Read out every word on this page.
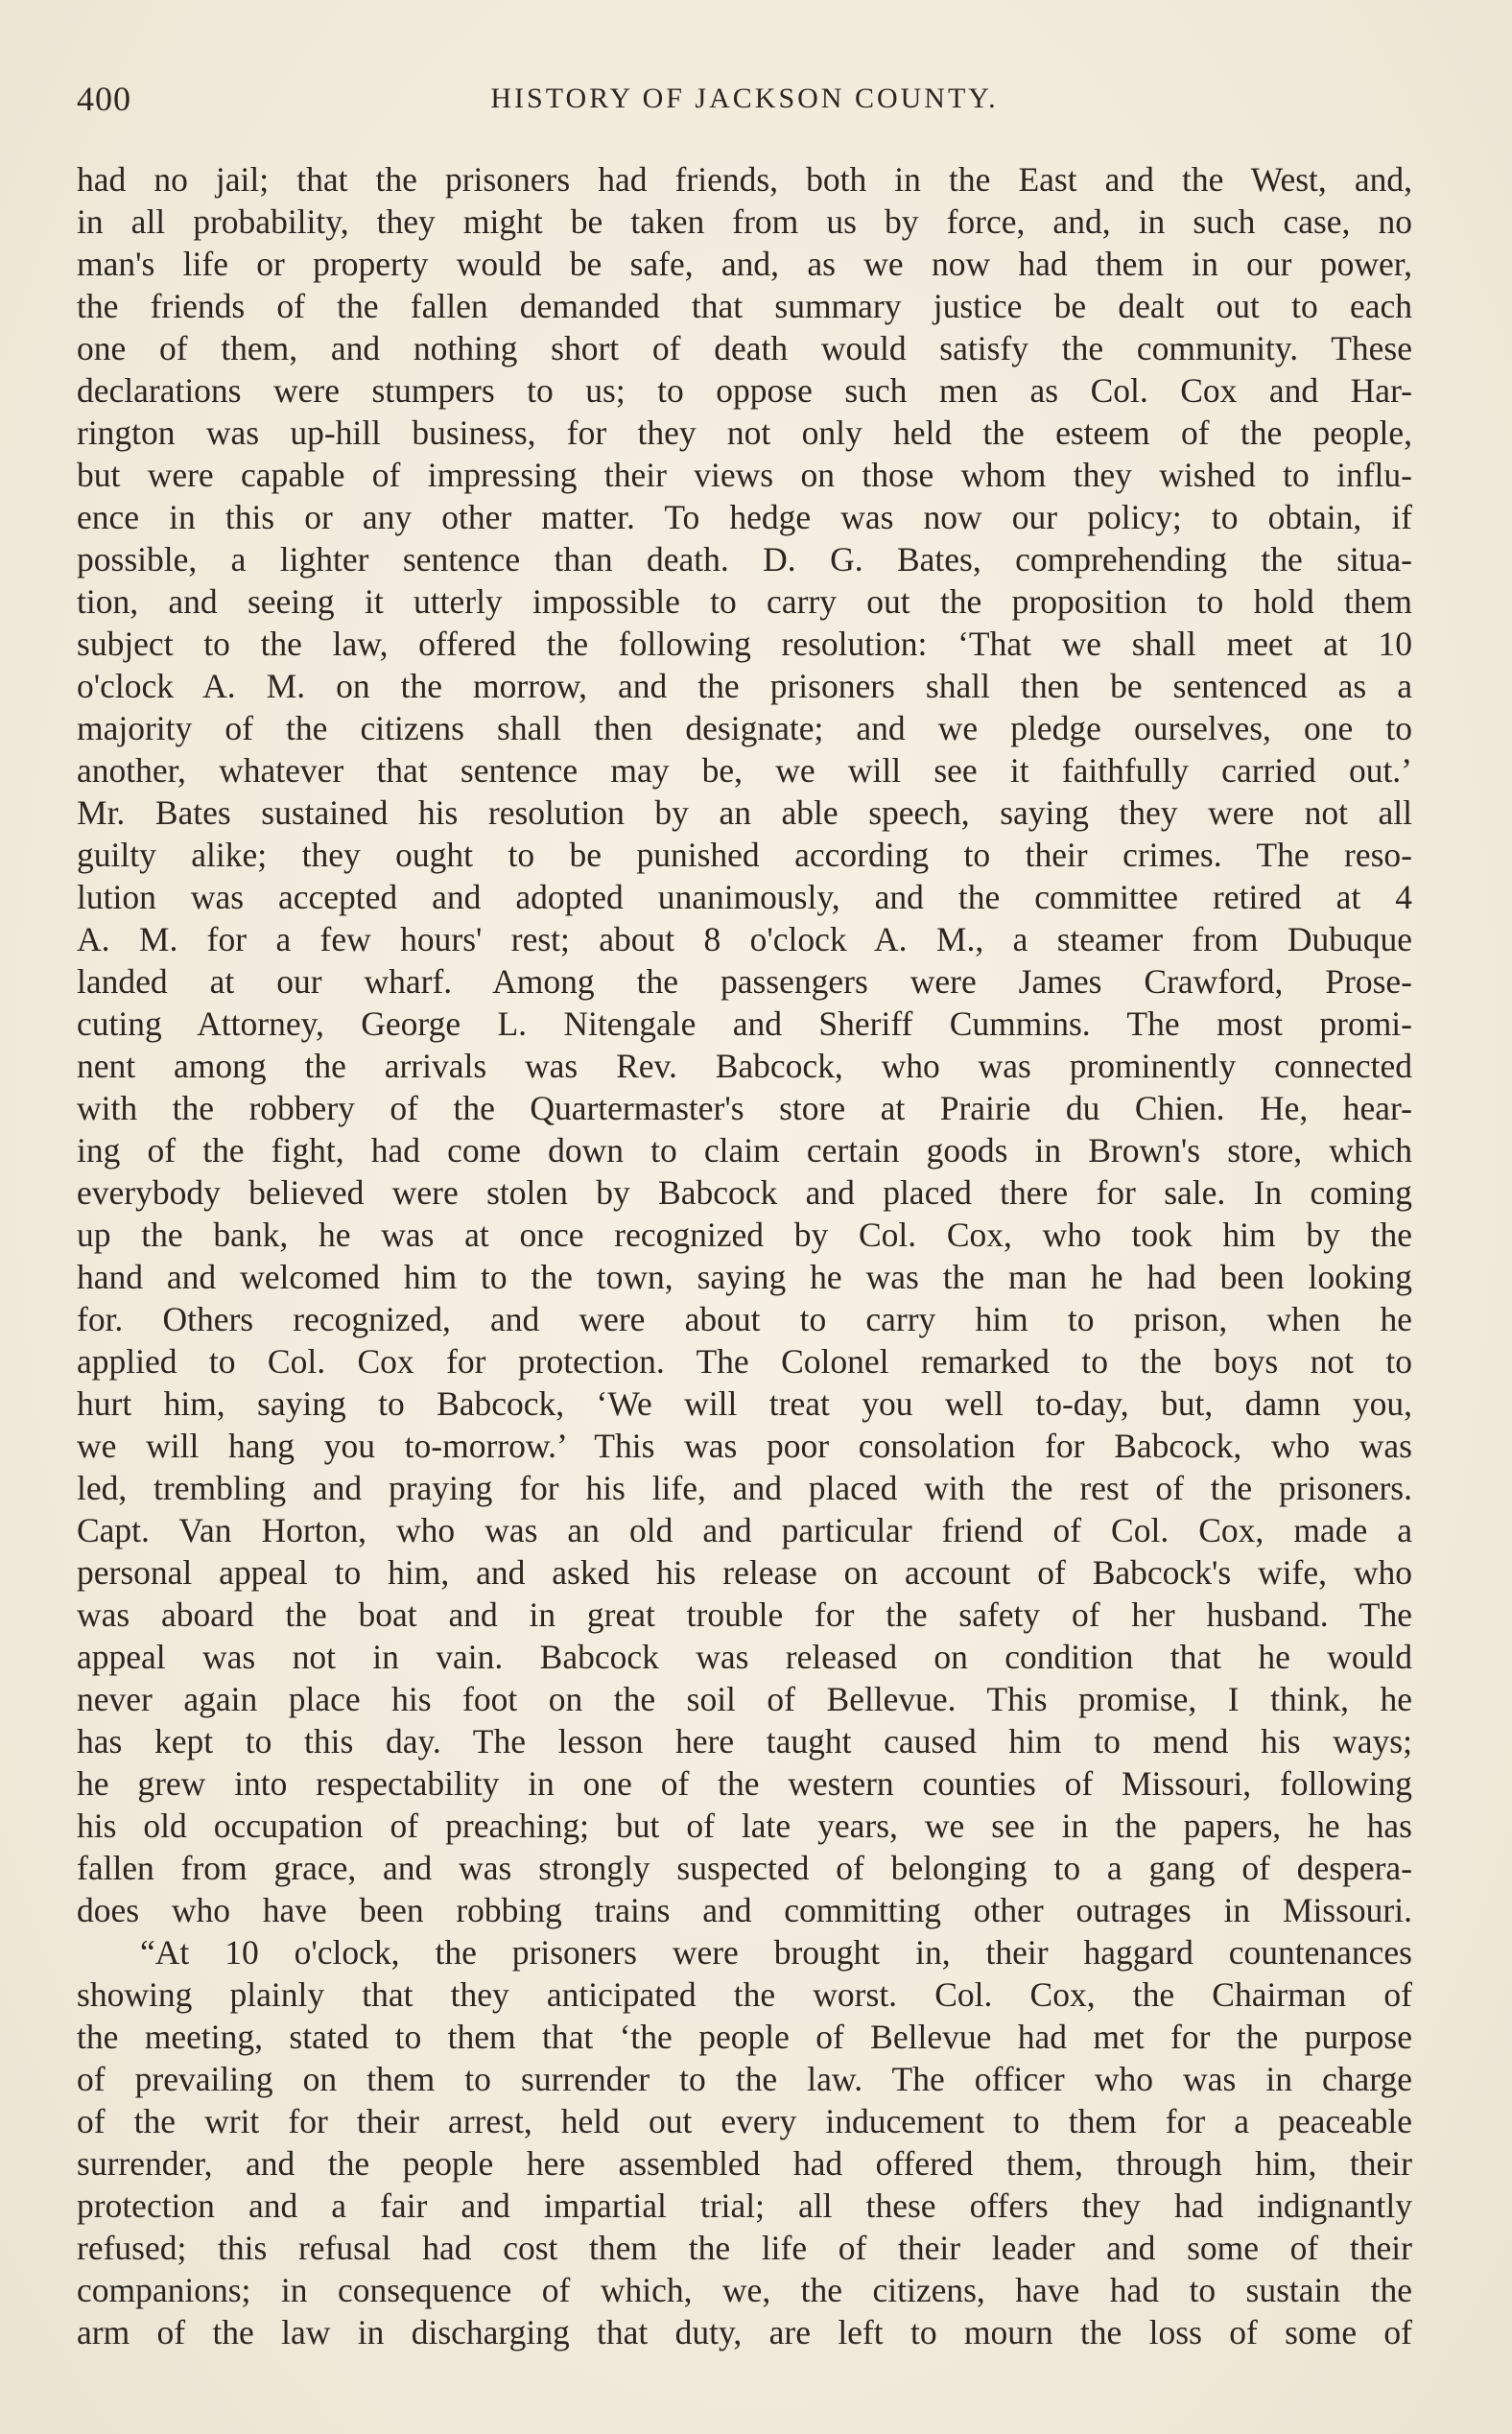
400	HISTORY OF JACKSON COUNTY.
had no jail; that the prisoners had friends, both in the East and the West, and,
in all probability, they might be taken from us by force, and, in such case, no
man's life or property would be safe, and, as we now had them in our power,
the friends of the fallen demanded that summary justice be dealt out to each
one of them, and nothing short of death would satisfy the community. These
declarations were stumpers to us; to oppose such men as Col. Cox and Har-
rington was up-hill business, for they not only held the esteem of the people,
but were capable of impressing their views on those whom they wished to influ-
ence in this or any other matter. To hedge was now our policy; to obtain, if
possible, a lighter sentence than death. D. G. Bates, comprehending the situa-
tion, and seeing it utterly impossible to carry out the proposition to hold them
subject to the law, offered the following resolution: ‘That we shall meet at 10
o'clock A. M. on the morrow, and the prisoners shall then be sentenced as a
majority of the citizens shall then designate; and we pledge ourselves, one to
another, whatever that sentence may be, we will see it faithfully carried out.’
Mr. Bates sustained his resolution by an able speech, saying they were not all
guilty alike; they ought to be punished according to their crimes. The reso-
lution was accepted and adopted unanimously, and the committee retired at 4
A. M. for a few hours' rest; about 8 o'clock A. M., a steamer from Dubuque
landed at our wharf. Among the passengers were James Crawford, Prose-
cuting Attorney, George L. Nitengale and Sheriff Cummins. The most promi-
nent among the arrivals was Rev. Babcock, who was prominently connected
with the robbery of the Quartermaster's store at Prairie du Chien. He, hear-
ing of the fight, had come down to claim certain goods in Brown's store, which
everybody believed were stolen by Babcock and placed there for sale. In coming
up the bank, he was at once recognized by Col. Cox, who took him by the
hand and welcomed him to the town, saying he was the man he had been looking
for. Others recognized, and were about to carry him to prison, when he
applied to Col. Cox for protection. The Colonel remarked to the boys not to
hurt him, saying to Babcock, ‘We will treat you well to-day, but, damn you,
we will hang you to-morrow.’ This was poor consolation for Babcock, who was
led, trembling and praying for his life, and placed with the rest of the prisoners.
Capt. Van Horton, who was an old and particular friend of Col. Cox, made a
personal appeal to him, and asked his release on account of Babcock's wife, who
was aboard the boat and in great trouble for the safety of her husband. The
appeal was not in vain. Babcock was released on condition that he would
never again place his foot on the soil of Bellevue. This promise, I think, he
has kept to this day. The lesson here taught caused him to mend his ways;
he grew into respectability in one of the western counties of Missouri, following
his old occupation of preaching; but of late years, we see in the papers, he has
fallen from grace, and was strongly suspected of belonging to a gang of despera-
does who have been robbing trains and committing other outrages in Missouri.
“At 10 o'clock, the prisoners were brought in, their haggard countenances
showing plainly that they anticipated the worst. Col. Cox, the Chairman of
the meeting, stated to them that ‘the people of Bellevue had met for the purpose
of prevailing on them to surrender to the law. The officer who was in charge
of the writ for their arrest, held out every inducement to them for a peaceable
surrender, and the people here assembled had offered them, through him, their
protection and a fair and impartial trial; all these offers they had indignantly
refused; this refusal had cost them the life of their leader and some of their
companions; in consequence of which, we, the citizens, have had to sustain the
arm of the law in discharging that duty, are left to mourn the loss of some of
